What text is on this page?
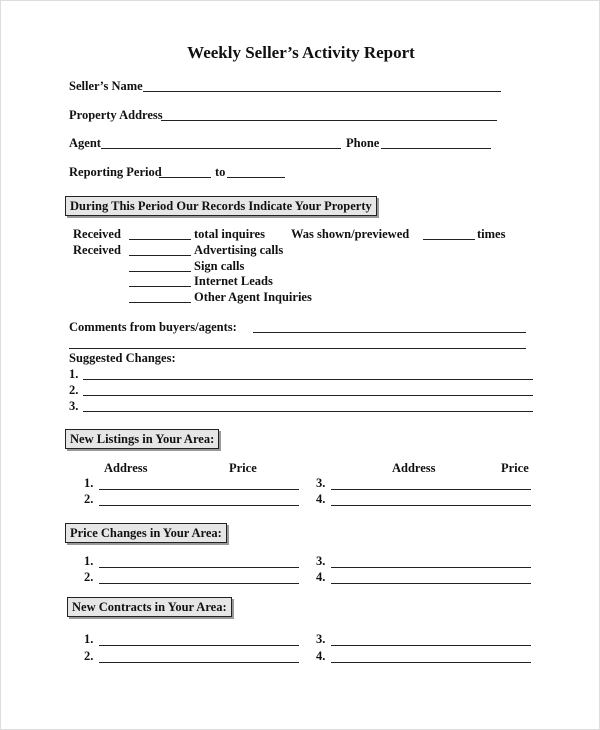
Weekly Seller’s Activity Report
Seller’s Name
Property Address
Agent	Phone
Reporting Period	to
During This Period Our Records Indicate Your Property
Received	total inquires Was shown/previewed	times
Received	Advertising calls
Sign calls
Internet Leads
Other Agent Inquiries
Comments from buyers/agents:
Suggested Changes:
1.
2.
3.
New Listings in Your Area:
Address	Price	Address	Price
1.
2.
3.
4.
Price Changes in Your Area:
1.
2.
3.
4.
New Contracts in Your Area:
1.
2.
3.
4.
